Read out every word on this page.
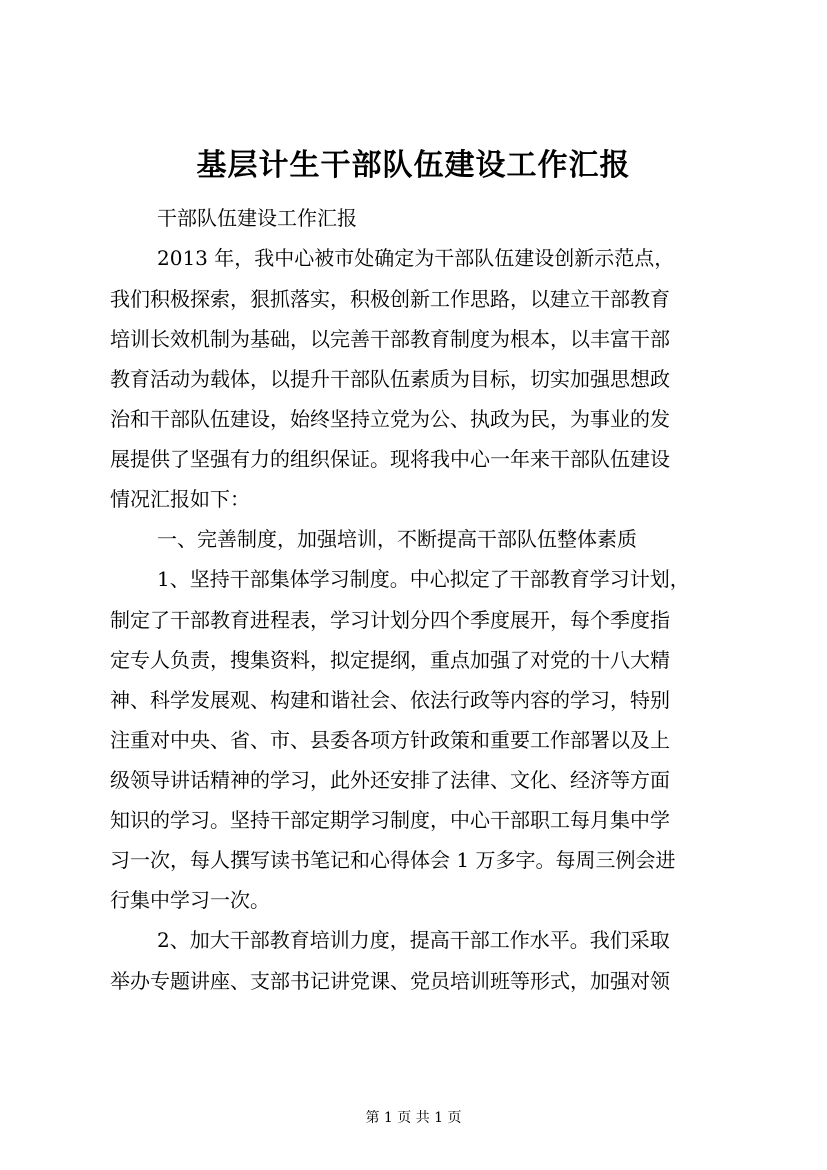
基层计生干部队伍建设工作汇报
干部队伍建设工作汇报
2013 年，我中心被市处确定为干部队伍建设创新示范点，
我们积极探索，狠抓落实，积极创新工作思路，以建立干部教育
培训长效机制为基础，以完善干部教育制度为根本，以丰富干部
教育活动为载体，以提升干部队伍素质为目标，切实加强思想政
治和干部队伍建设，始终坚持立党为公、执政为民，为事业的发
展提供了坚强有力的组织保证。现将我中心一年来干部队伍建设
情况汇报如下：
一、完善制度，加强培训，不断提高干部队伍整体素质
1、坚持干部集体学习制度。中心拟定了干部教育学习计划，
制定了干部教育进程表，学习计划分四个季度展开，每个季度指
定专人负责，搜集资料，拟定提纲，重点加强了对党的十八大精
神、科学发展观、构建和谐社会、依法行政等内容的学习，特别
注重对中央、省、市、县委各项方针政策和重要工作部署以及上
级领导讲话精神的学习，此外还安排了法律、文化、经济等方面
知识的学习。坚持干部定期学习制度，中心干部职工每月集中学
习一次，每人撰写读书笔记和心得体会 1 万多字。每周三例会进
行集中学习一次。
2、加大干部教育培训力度，提高干部工作水平。我们采取
举办专题讲座、支部书记讲党课、党员培训班等形式，加强对领
第 1 页 共 1 页
